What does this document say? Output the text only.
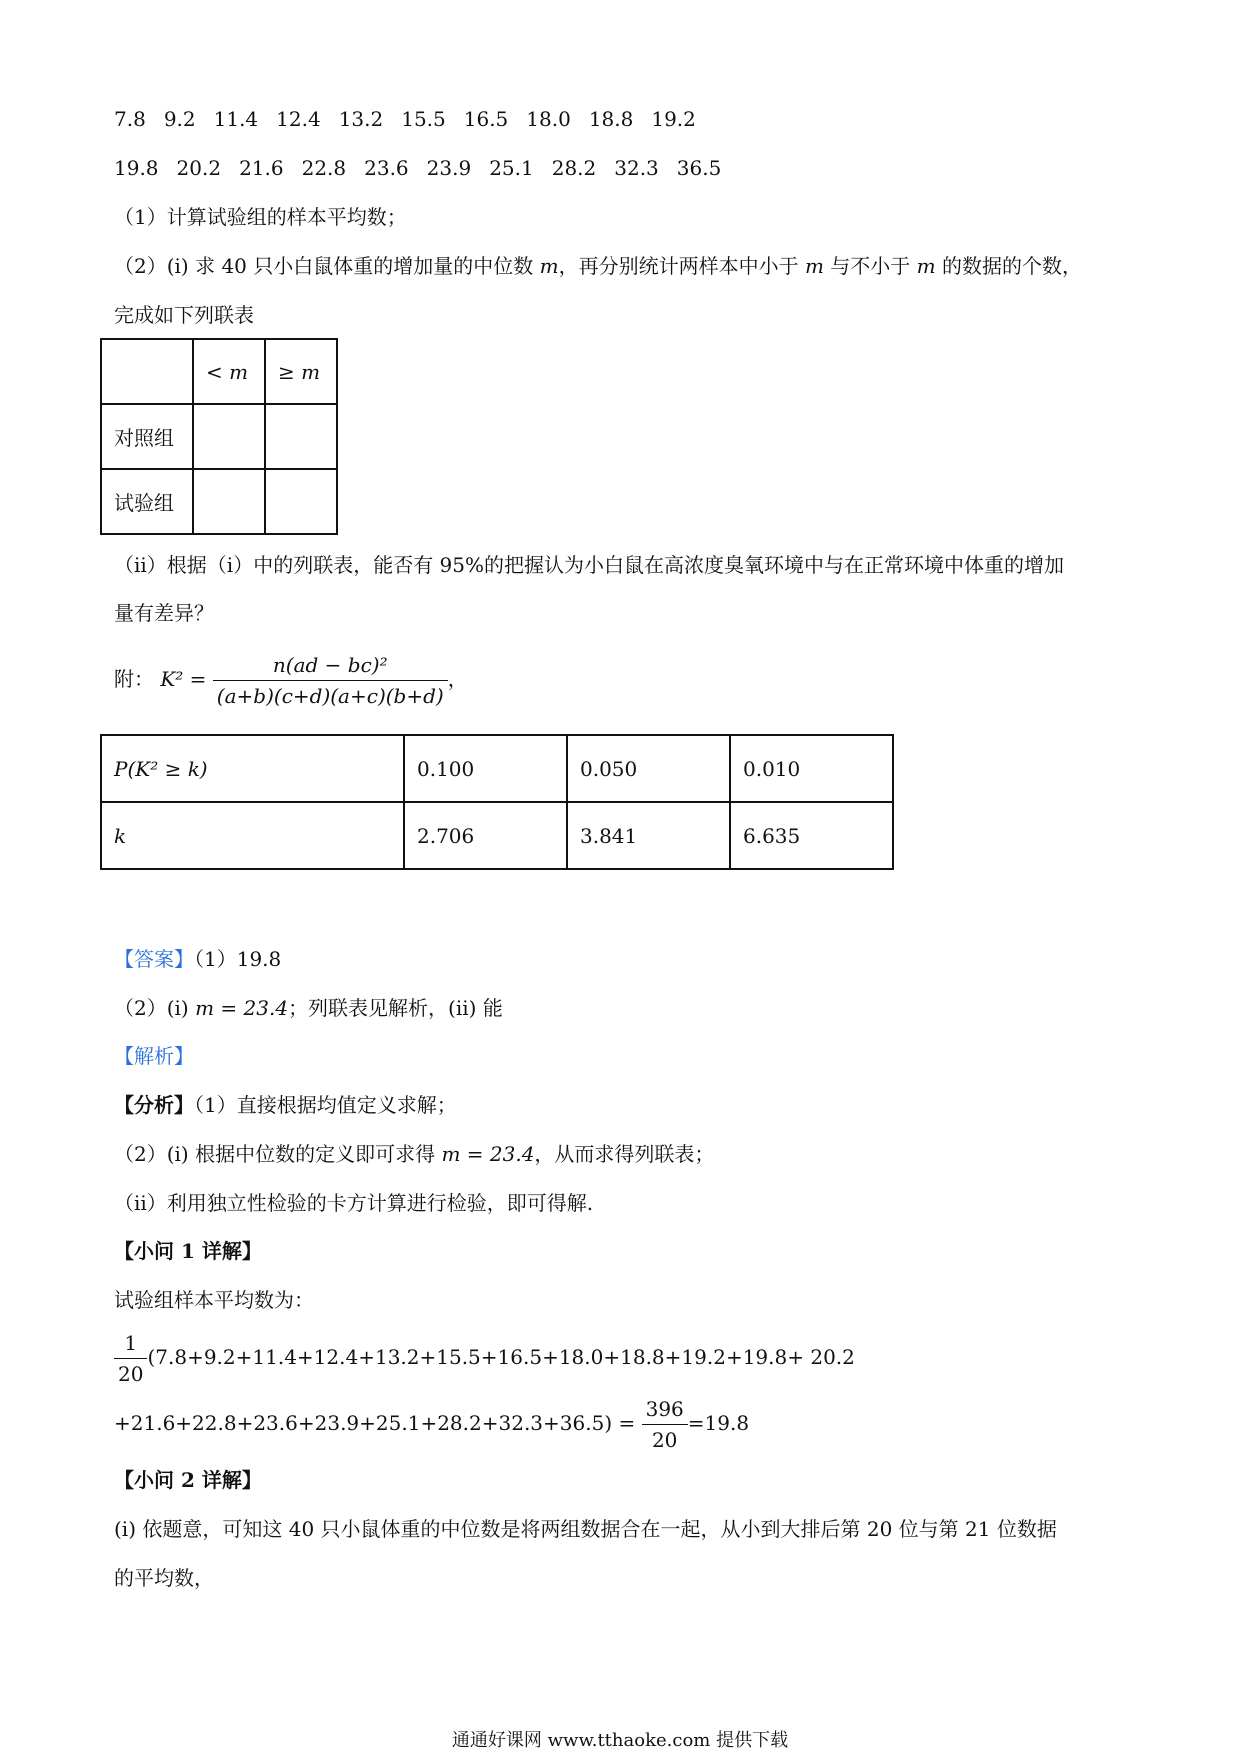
7.8 9.2 11.4 12.4 13.2 15.5 16.5 18.0 18.8 19.2
19.8 20.2 21.6 22.8 23.6 23.9 25.1 28.2 32.3 36.5
（1）计算试验组的样本平均数；
（2）(i) 求 40 只小白鼠体重的增加量的中位数 m，再分别统计两样本中小于 m 与不小于 m 的数据的个数，
完成如下列联表
	< m	≥ m
对照组		
试验组		
（ii）根据（i）中的列联表，能否有 95%的把握认为小白鼠在高浓度臭氧环境中与在正常环境中体重的增加
量有差异？
附： $K^2 = \frac{\text{n(ad − bc)²}}{(a+b)(c+d)(a+c)(b+d)}$ ，
P(K² ≥ k)	0.100	0.050	0.010
k	2.706	3.841	6.635
【答案】（1）19.8
（2）(i) m = 23.4；列联表见解析，(ii) 能
【解析】
【分析】（1）直接根据均值定义求解；
（2）(i) 根据中位数的定义即可求得 m = 23.4，从而求得列联表；
（ii）利用独立性检验的卡方计算进行检验，即可得解.
【小问 1 详解】
试验组样本平均数为：
$\frac{1}{20} (7.8+9.2+11.4+12.4+13.2+15.5+16.5+18.0+18.8+19.2+19.8+ 20.2$
$+21.6+22.8+23.6+23.9+25.1+28.2+32.3+36.5) = \frac{396}{20} =19.8$
【小问 2 详解】
(i) 依题意，可知这 40 只小鼠体重的中位数是将两组数据合在一起，从小到大排后第 20 位与第 21 位数据
的平均数，
通通好课网 www.tthaoke.com 提供下载
